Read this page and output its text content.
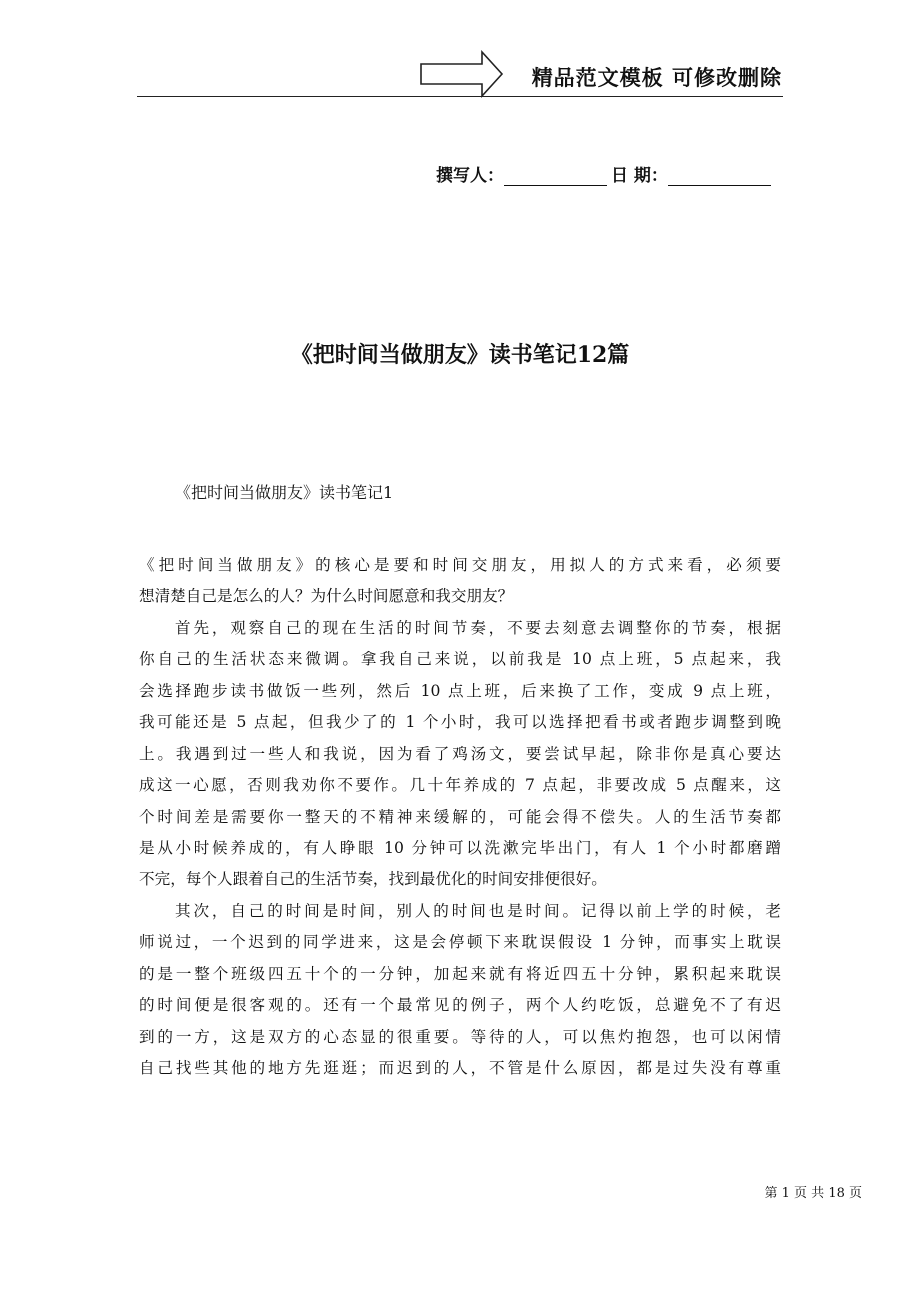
精品范文模板 可修改删除
撰写人：	日 期：
《把时间当做朋友》读书笔记12篇
《把时间当做朋友》读书笔记1
《把时间当做朋友》的核心是要和时间交朋友，用拟人的方式来看，必须要
想清楚自己是怎么的人？为什么时间愿意和我交朋友？
首先，观察自己的现在生活的时间节奏，不要去刻意去调整你的节奏，根据
你自己的生活状态来微调。拿我自己来说，以前我是 10 点上班，5 点起来，我
会选择跑步读书做饭一些列，然后 10 点上班，后来换了工作，变成 9 点上班，
我可能还是 5 点起，但我少了的 1 个小时，我可以选择把看书或者跑步调整到晚
上。我遇到过一些人和我说，因为看了鸡汤文，要尝试早起，除非你是真心要达
成这一心愿，否则我劝你不要作。几十年养成的 7 点起，非要改成 5 点醒来，这
个时间差是需要你一整天的不精神来缓解的，可能会得不偿失。人的生活节奏都
是从小时候养成的，有人睁眼 10 分钟可以洗漱完毕出门，有人 1 个小时都磨蹭
不完，每个人跟着自己的生活节奏，找到最优化的时间安排便很好。
其次，自己的时间是时间，别人的时间也是时间。记得以前上学的时候，老
师说过，一个迟到的同学进来，这是会停顿下来耽误假设 1 分钟，而事实上耽误
的是一整个班级四五十个的一分钟，加起来就有将近四五十分钟，累积起来耽误
的时间便是很客观的。还有一个最常见的例子，两个人约吃饭，总避免不了有迟
到的一方，这是双方的心态显的很重要。等待的人，可以焦灼抱怨，也可以闲情
自己找些其他的地方先逛逛；而迟到的人，不管是什么原因，都是过失没有尊重
第 1 页 共 18 页
